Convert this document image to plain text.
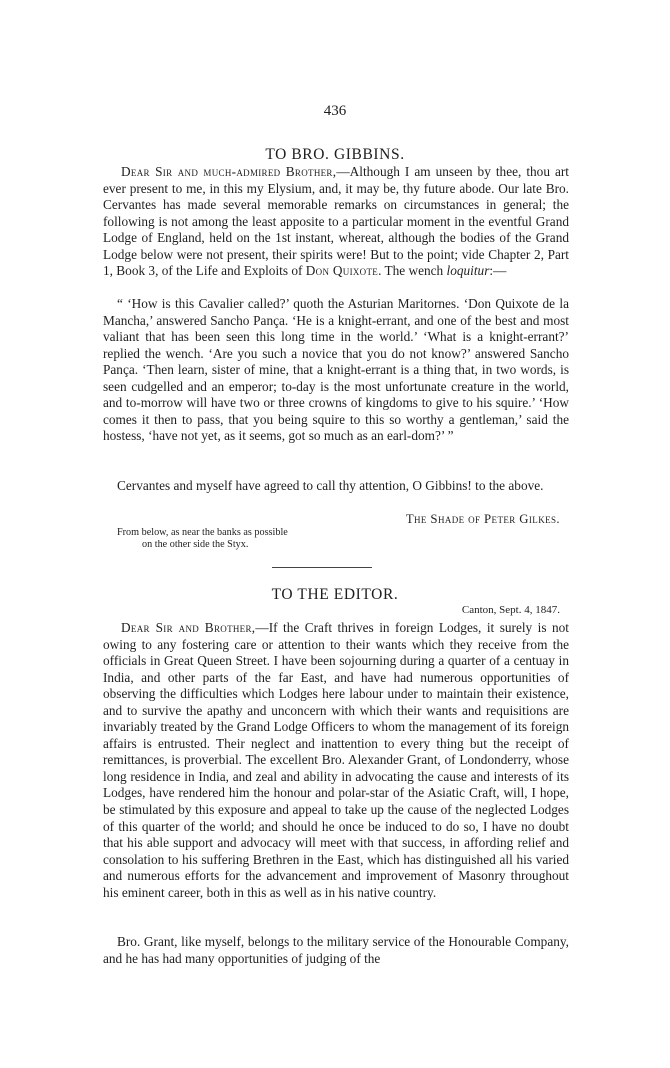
436
TO BRO. GIBBINS.

Dear Sir and much-admired Brother,—Although I am unseen by thee, thou art ever present to me, in this my Elysium, and, it may be, thy future abode. Our late Bro. Cervantes has made several memorable remarks on circumstances in general; the following is not among the least apposite to a particular moment in the eventful Grand Lodge of England, held on the 1st instant, whereat, although the bodies of the Grand Lodge below were not present, their spirits were! But to the point; vide Chapter 2, Part 1, Book 3, of the Life and Exploits of Don Quixote. The wench loquitur:—

“ ‘How is this Cavalier called?’ quoth the Asturian Maritornes. ‘Don Quixote de la Mancha,’ answered Sancho Pança. ‘He is a knight-errant, and one of the best and most valiant that has been seen this long time in the world.’ ‘What is a knight-errant?’ replied the wench. ‘Are you such a novice that you do not know?’ answered Sancho Pança. ‘Then learn, sister of mine, that a knight-errant is a thing that, in two words, is seen cudgelled and an emperor; to-day is the most unfortunate creature in the world, and to-morrow will have two or three crowns of kingdoms to give to his squire.’ ‘How comes it then to pass, that you being squire to this so worthy a gentleman,’ said the hostess, ‘have not yet, as it seems, got so much as an earl-dom?’ ”

Cervantes and myself have agreed to call thy attention, O Gibbins! to the above.

The Shade of Peter Gilkes.
From below, as near the banks as possible
on the other side the Styx.
TO THE EDITOR.
Canton, Sept. 4, 1847.

Dear Sir and Brother,—If the Craft thrives in foreign Lodges, it surely is not owing to any fostering care or attention to their wants which they receive from the officials in Great Queen Street. I have been sojourning during a quarter of a centuay in India, and other parts of the far East, and have had numerous opportunities of observing the difficulties which Lodges here labour under to maintain their existence, and to survive the apathy and unconcern with which their wants and requisitions are invariably treated by the Grand Lodge Officers to whom the management of its foreign affairs is entrusted. Their neglect and inattention to every thing but the receipt of remittances, is proverbial. The excellent Bro. Alexander Grant, of Londonderry, whose long residence in India, and zeal and ability in advocating the cause and interests of its Lodges, have rendered him the honour and polar-star of the Asiatic Craft, will, I hope, be stimulated by this exposure and appeal to take up the cause of the neglected Lodges of this quarter of the world; and should he once be induced to do so, I have no doubt that his able support and advocacy will meet with that success, in affording relief and consolation to his suffering Brethren in the East, which has distinguished all his varied and numerous efforts for the advancement and improvement of Masonry throughout his eminent career, both in this as well as in his native country.

Bro. Grant, like myself, belongs to the military service of the Honourable Company, and he has had many opportunities of judging of the
